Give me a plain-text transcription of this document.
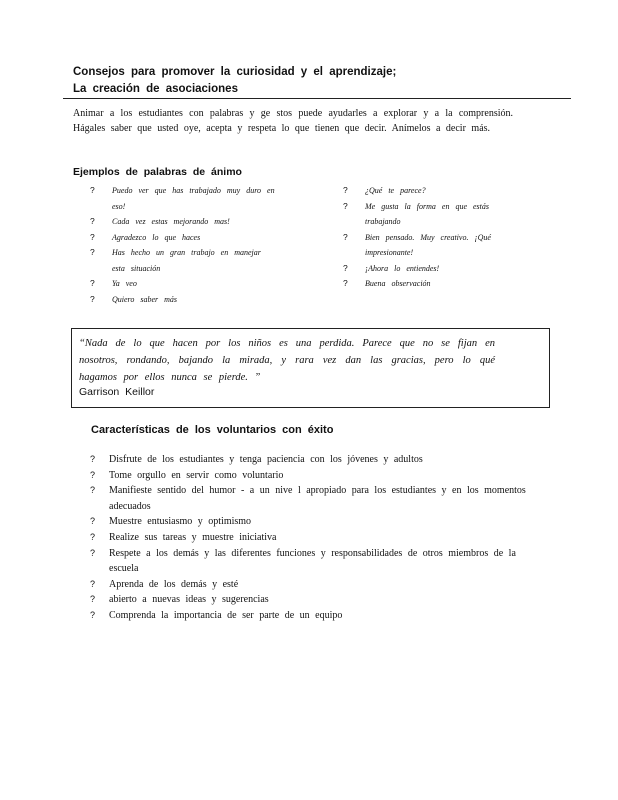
Consejos para promover la curiosidad y el aprendizaje;
La creación de asociaciones

Animar a los estudiantes con palabras y ge stos puede ayudarles a explorar y a la comprensión. Hágales saber que usted oye, acepta y respeta lo que tienen que decir. Anímelos a decir más.

Ejemplos de palabras de ánimo
? Puedo ver que has trabajado muy duro en eso!
? Cada vez estas mejorando mas!
? Agradezco lo que haces
? Has hecho un gran trabajo en manejar esta situación
? Ya veo
? Quiero saber más
? ¿Qué te parece?
? Me gusta la forma en que estás trabajando
? Bien pensado. Muy creativo. ¡Qué impresionante!
? ¡Ahora lo entiendes!
? Buena observación

“Nada de lo que hacen por los niños es una perdida. Parece que no se fijan en nosotros, rondando, bajando la mirada, y rara vez dan las gracias, pero lo qué hagamos por ellos nunca se pierde. ”

Garrison Keillor

Características de los voluntarios con éxito
? Disfrute de los estudiantes y tenga paciencia con los jóvenes y adultos
? Tome orgullo en servir como voluntario
? Manifieste sentido del humor - a un nive l apropiado para los estudiantes y en los momentos adecuados
? Muestre entusiasmo y optimismo
? Realize sus tareas y muestre iniciativa
? Respete a los demás y las diferentes funciones y responsabilidades de otros miembros de la escuela
? Aprenda de los demás y esté
? abierto a nuevas ideas y sugerencias
? Comprenda la importancia de ser parte de un equipo
